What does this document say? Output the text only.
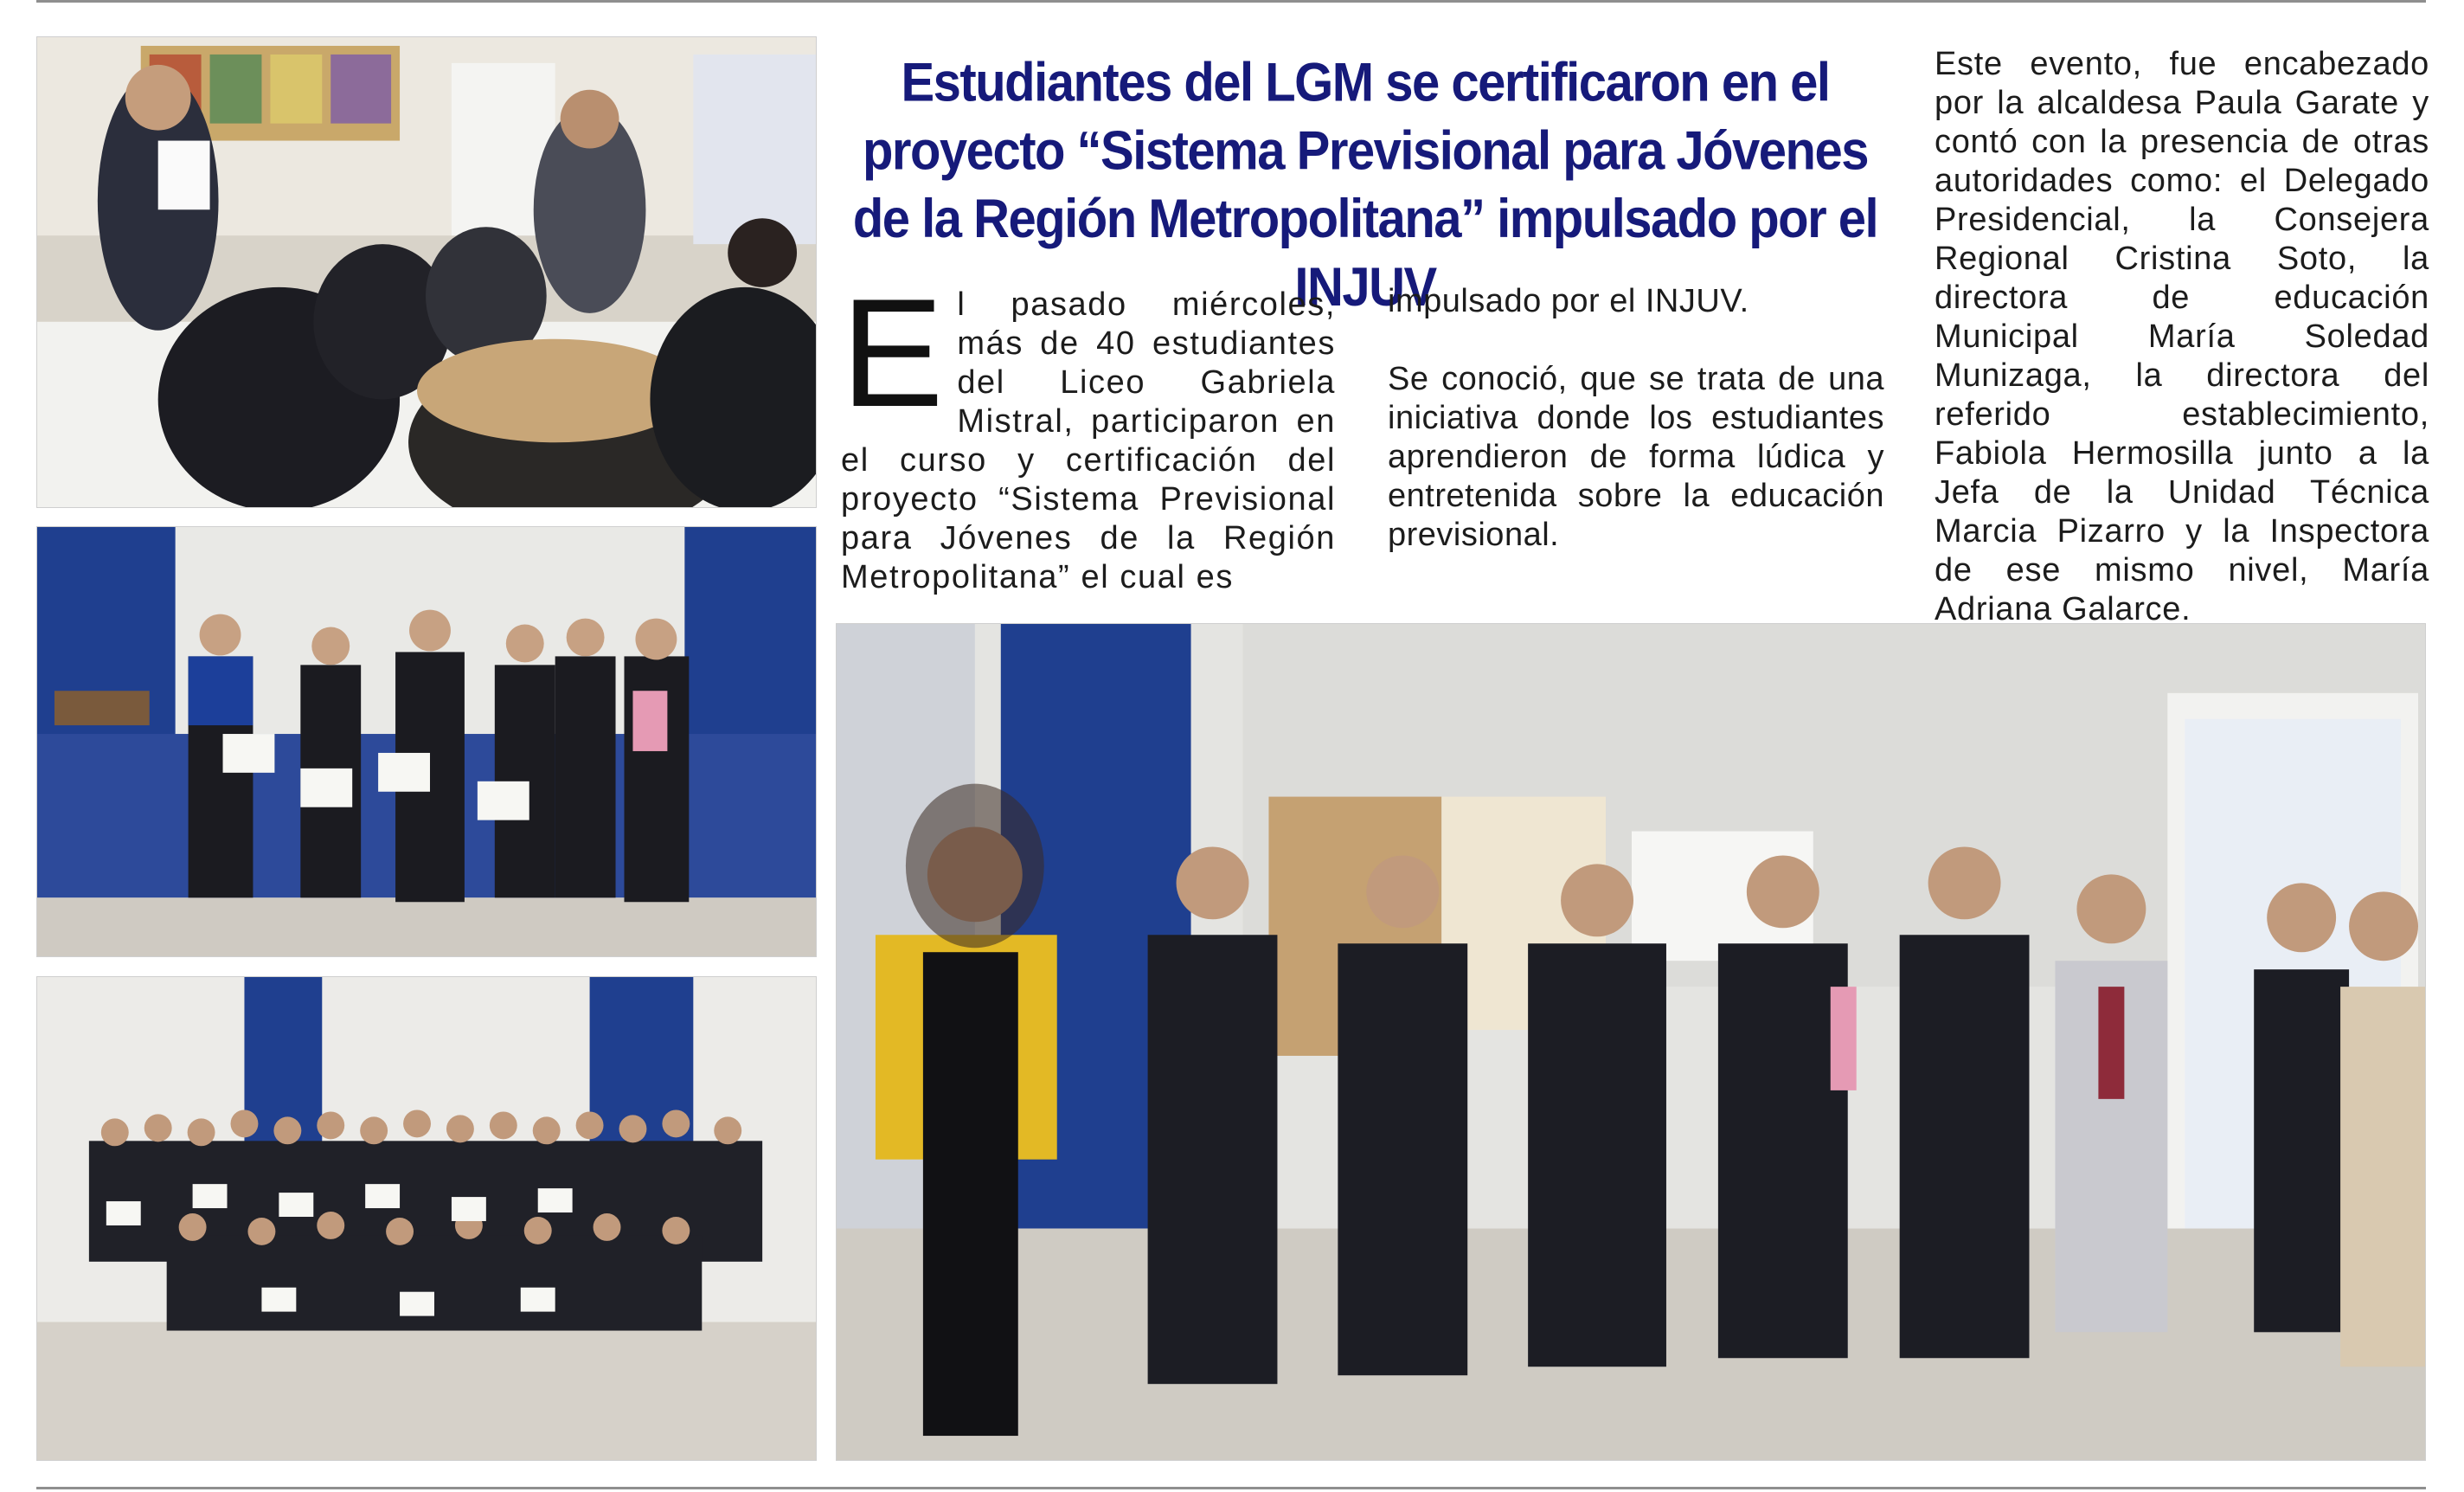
Estudiantes del LGM se certificaron en el proyecto “Sistema Previsional para Jóvenes de la Región Metropolitana” impulsado por el INJUV
El pasado miércoles, más de 40 estudiantes del Liceo Gabriela Mistral, participaron en el curso y certificación del proyecto “Sistema Previsional para Jóvenes de la Región Metropolitana” el cual es

impulsado por el INJUV.

Se conoció, que se trata de una iniciativa donde los estudiantes aprendieron de forma lúdica y entretenida sobre la educación previsional.

Este evento, fue encabezado por la alcaldesa Paula Garate y contó con la presencia de otras autoridades como: el Delegado Presidencial, la Consejera Regional Cristina Soto, la directora de educación Municipal María Soledad Munizaga, la directora del referido establecimiento, Fabiola Hermosilla junto a la Jefa de la Unidad Técnica Marcia Pizarro y la Inspectora de ese mismo nivel, María Adriana Galarce.
